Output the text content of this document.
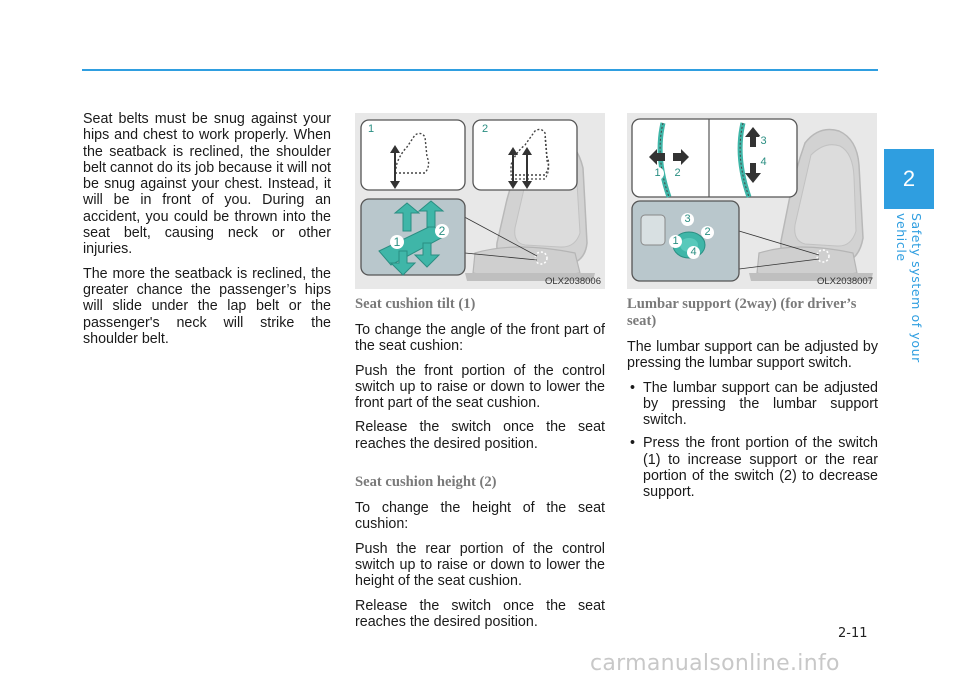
2
Safety system of your vehicle

Seat belts must be snug against your hips and chest to work properly. When the seatback is reclined, the shoulder belt cannot do its job because it will not be snug against your chest. Instead, it will be in front of you. During an accident, you could be thrown into the seat belt, causing neck or other injuries.

The more the seatback is reclined, the greater chance the passenger’s hips will slide under the lap belt or the passenger's neck will strike the shoulder belt.

1	2
1
2
OLX2038006
1	2
3
4
3
1
2
4
OLX2038007
Seat cushion tilt (1)

To change the angle of the front part of the seat cushion:

Push the front portion of the control switch up to raise or down to lower the front part of the seat cushion.

Release the switch once the seat reaches the desired position.

Seat cushion height (2)

To change the height of the seat cushion:

Push the rear portion of the control switch up to raise or down to lower the height of the seat cushion.

Release the switch once the seat reaches the desired position.

Lumbar support (2way) (for driver’s seat)

The lumbar support can be adjusted by pressing the lumbar support switch.

• The lumbar support can be adjusted by pressing the lumbar support switch.
• Press the front portion of the switch (1) to increase support or the rear portion of the switch (2) to decrease support.
2-11
carmanualsonline.info
